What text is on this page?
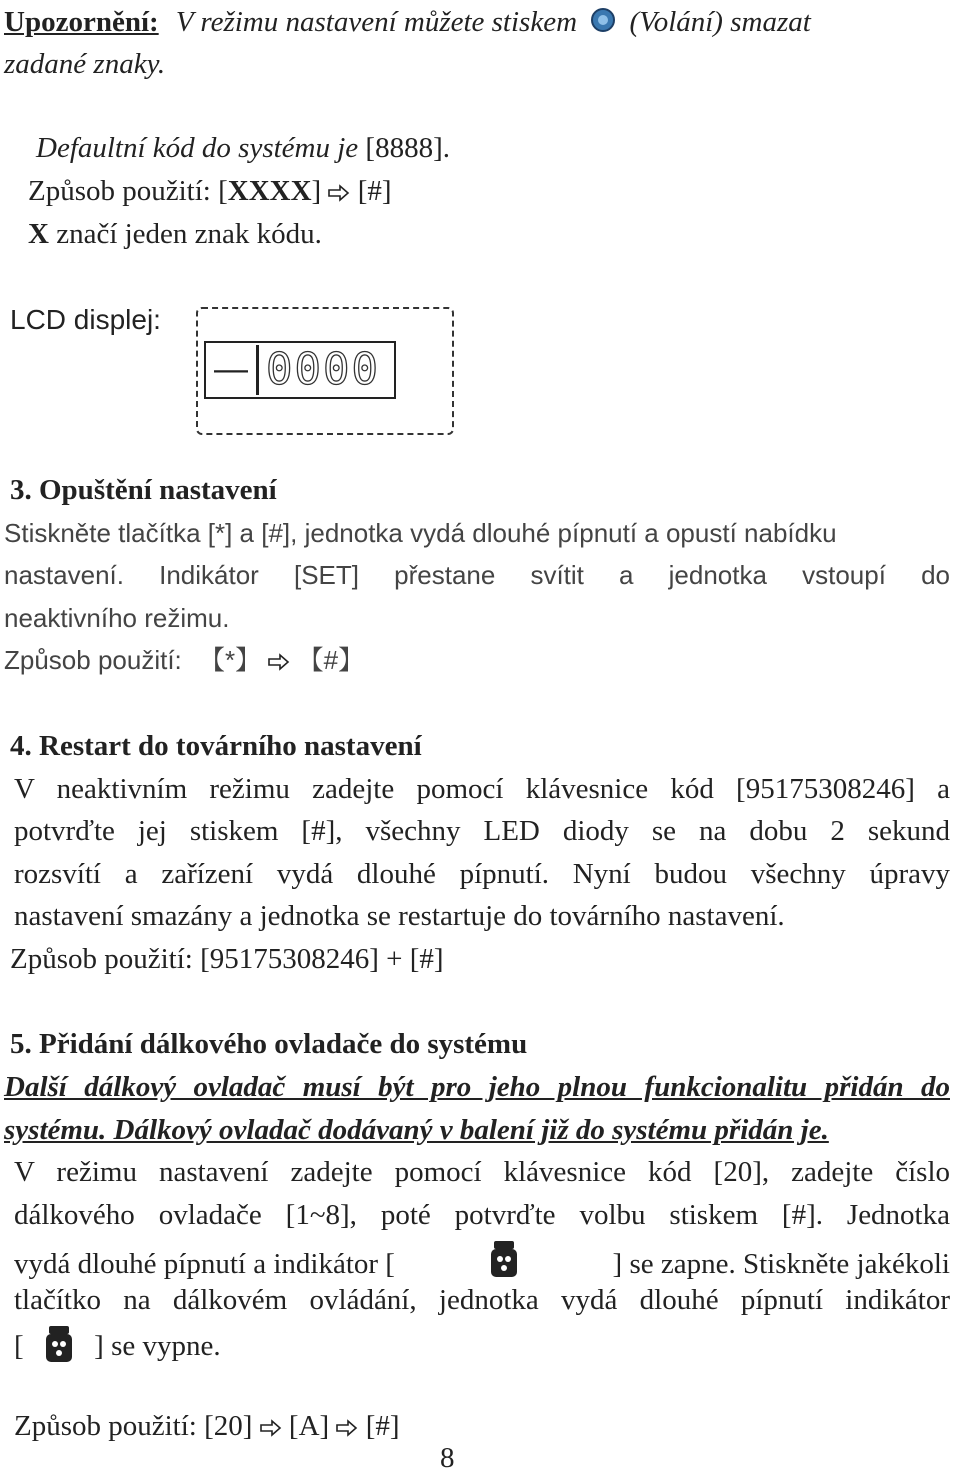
Upozornění: V režimu nastavení můžete stiskem (Volání) smazat
zadané znaky.
Defaultní kód do systému je [8888].
Způsob použití: [XXXX] [#]
X značí jeden znak kódu.
LCD displej:
— 0000
3. Opuštění nastavení
Stiskněte tlačítka [*] a [#], jednotka vydá dlouhé pípnutí a opustí nabídku
nastavení. Indikátor [SET] přestane svítit a jednotka vstoupí do
neaktivního režimu.
Způsob použití: 【*】 【#】
4. Restart do továrního nastavení
V neaktivním režimu zadejte pomocí klávesnice kód [95175308246] a
potvrďte jej stiskem [#], všechny LED diody se na dobu 2 sekund
rozsvítí a zařízení vydá dlouhé pípnutí. Nyní budou všechny úpravy
nastavení smazány a jednotka se restartuje do továrního nastavení.
Způsob použití: [95175308246] + [#]
5. Přidání dálkového ovladače do systému
Další dálkový ovladač musí být pro jeho plnou funkcionalitu přidán do
systému. Dálkový ovladač dodávaný v balení již do systému přidán je.
V režimu nastavení zadejte pomocí klávesnice kód [20], zadejte číslo
dálkového ovladače [1~8], poté potvrďte volbu stiskem [#]. Jednotka
vydá dlouhé pípnutí a indikátor [	] se zapne. Stiskněte jakékoli
tlačítko na dálkovém ovládání, jednotka vydá dlouhé pípnutí indikátor
[ ] se vypne.
Způsob použití: [20] [A] [#]
8
